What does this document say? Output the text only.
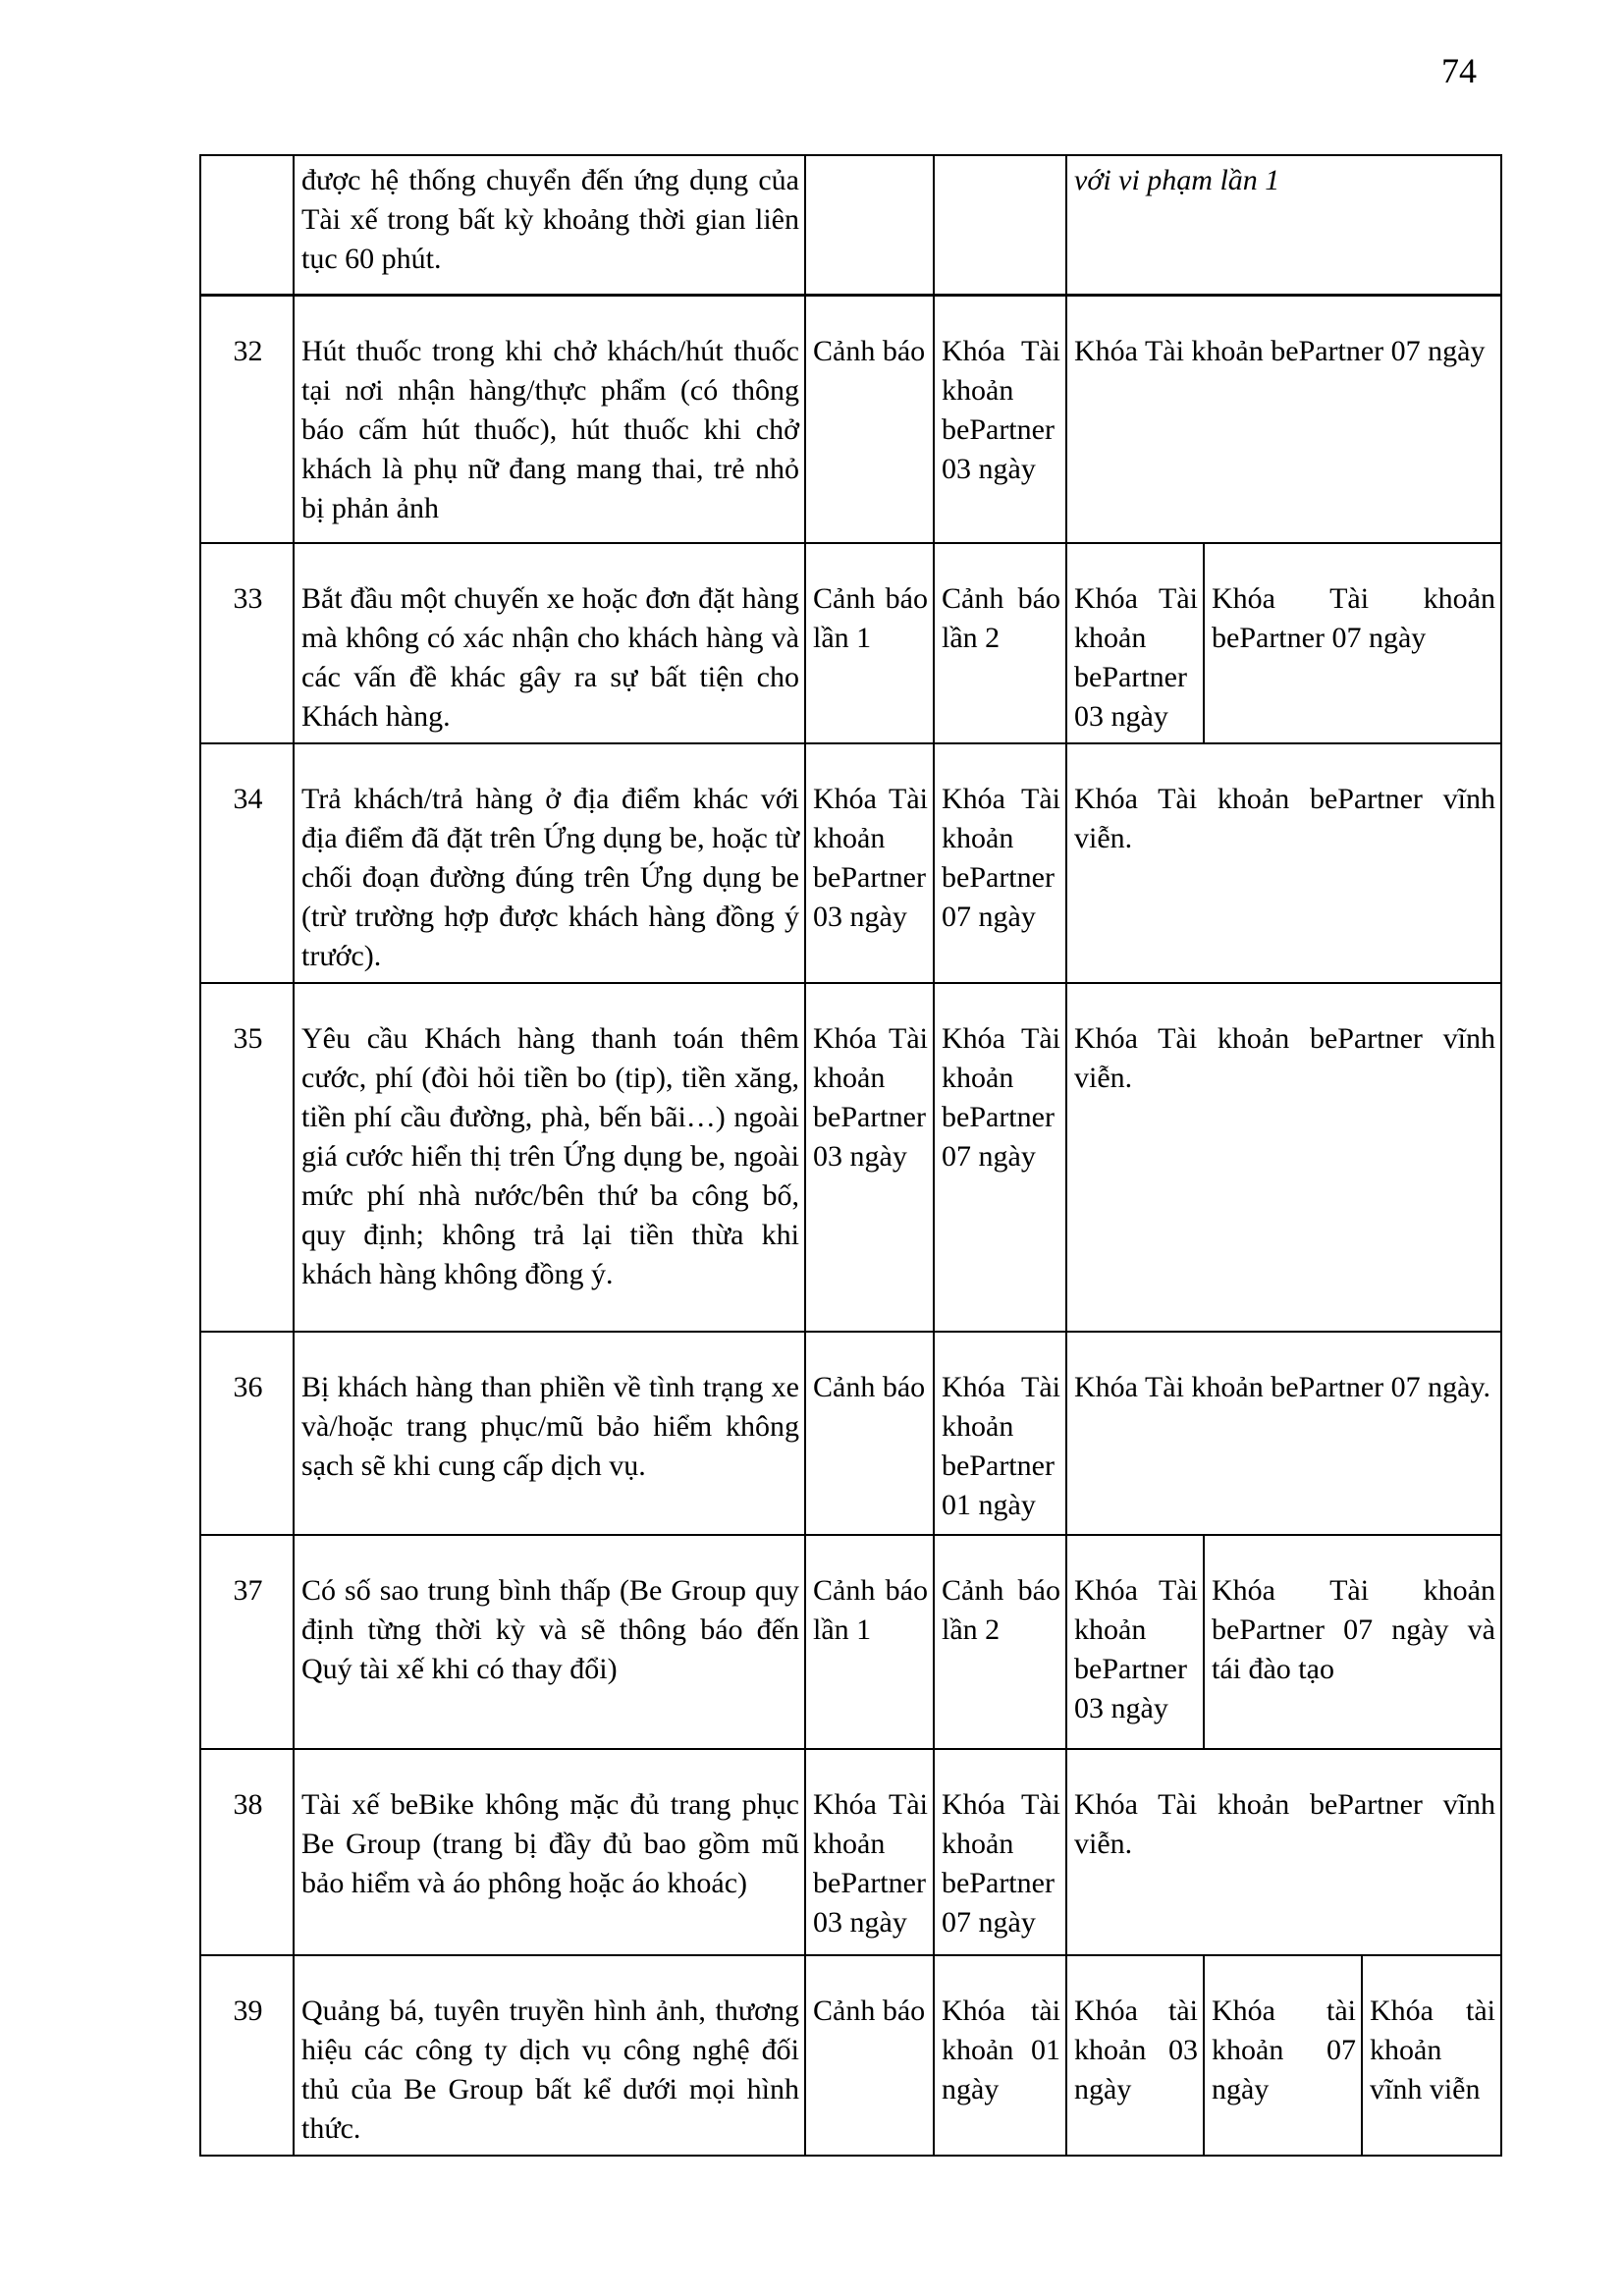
74
	được hệ thống chuyển đến ứng dụng của Tài xế trong bất kỳ khoảng thời gian liên tục 60 phút.			với vi phạm lần 1		
32	Hút thuốc trong khi chở khách/hút thuốc tại nơi nhận hàng/thực phẩm (có thông báo cấm hút thuốc), hút thuốc khi chở khách là phụ nữ đang mang thai, trẻ nhỏ bị phản ảnh	Cảnh báo	Khóa Tài khoản bePartner 03 ngày	Khóa Tài khoản bePartner 07 ngày		
33	Bắt đầu một chuyến xe hoặc đơn đặt hàng mà không có xác nhận cho khách hàng và các vấn đề khác gây ra sự bất tiện cho Khách hàng.	Cảnh báo lần 1	Cảnh báo lần 2	Khóa Tài khoản bePartner 03 ngày	Khóa Tài khoản bePartner 07 ngày	
34	Trả khách/trả hàng ở địa điểm khác với địa điểm đã đặt trên Ứng dụng be, hoặc từ chối đoạn đường đúng trên Ứng dụng be (trừ trường hợp được khách hàng đồng ý trước).	Khóa Tài khoản bePartner 03 ngày	Khóa Tài khoản bePartner 07 ngày	Khóa Tài khoản bePartner vĩnh viễn.		
35	Yêu cầu Khách hàng thanh toán thêm cước, phí (đòi hỏi tiền bo (tip), tiền xăng, tiền phí cầu đường, phà, bến bãi…) ngoài giá cước hiển thị trên Ứng dụng be, ngoài mức phí nhà nước/bên thứ ba công bố, quy định; không trả lại tiền thừa khi khách hàng không đồng ý.	Khóa Tài khoản bePartner 03 ngày	Khóa Tài khoản bePartner 07 ngày	Khóa Tài khoản bePartner vĩnh viễn.		
36	Bị khách hàng than phiền về tình trạng xe và/hoặc trang phục/mũ bảo hiểm không sạch sẽ khi cung cấp dịch vụ.	Cảnh báo	Khóa Tài khoản bePartner 01 ngày	Khóa Tài khoản bePartner 07 ngày.		
37	Có số sao trung bình thấp (Be Group quy định từng thời kỳ và sẽ thông báo đến Quý tài xế khi có thay đổi)	Cảnh báo lần 1	Cảnh báo lần 2	Khóa Tài khoản bePartner 03 ngày	Khóa Tài khoản bePartner 07 ngày và tái đào tạo	
38	Tài xế beBike không mặc đủ trang phục Be Group (trang bị đầy đủ bao gồm mũ bảo hiểm và áo phông hoặc áo khoác)	Khóa Tài khoản bePartner 03 ngày	Khóa Tài khoản bePartner 07 ngày	Khóa Tài khoản bePartner vĩnh viễn.		
39	Quảng bá, tuyên truyền hình ảnh, thương hiệu các công ty dịch vụ công nghệ đối thủ của Be Group bất kể dưới mọi hình thức.	Cảnh báo	Khóa tài khoản 01 ngày	Khóa tài khoản 03 ngày	Khóa tài khoản 07 ngày	Khóa tài khoản vĩnh viễn
